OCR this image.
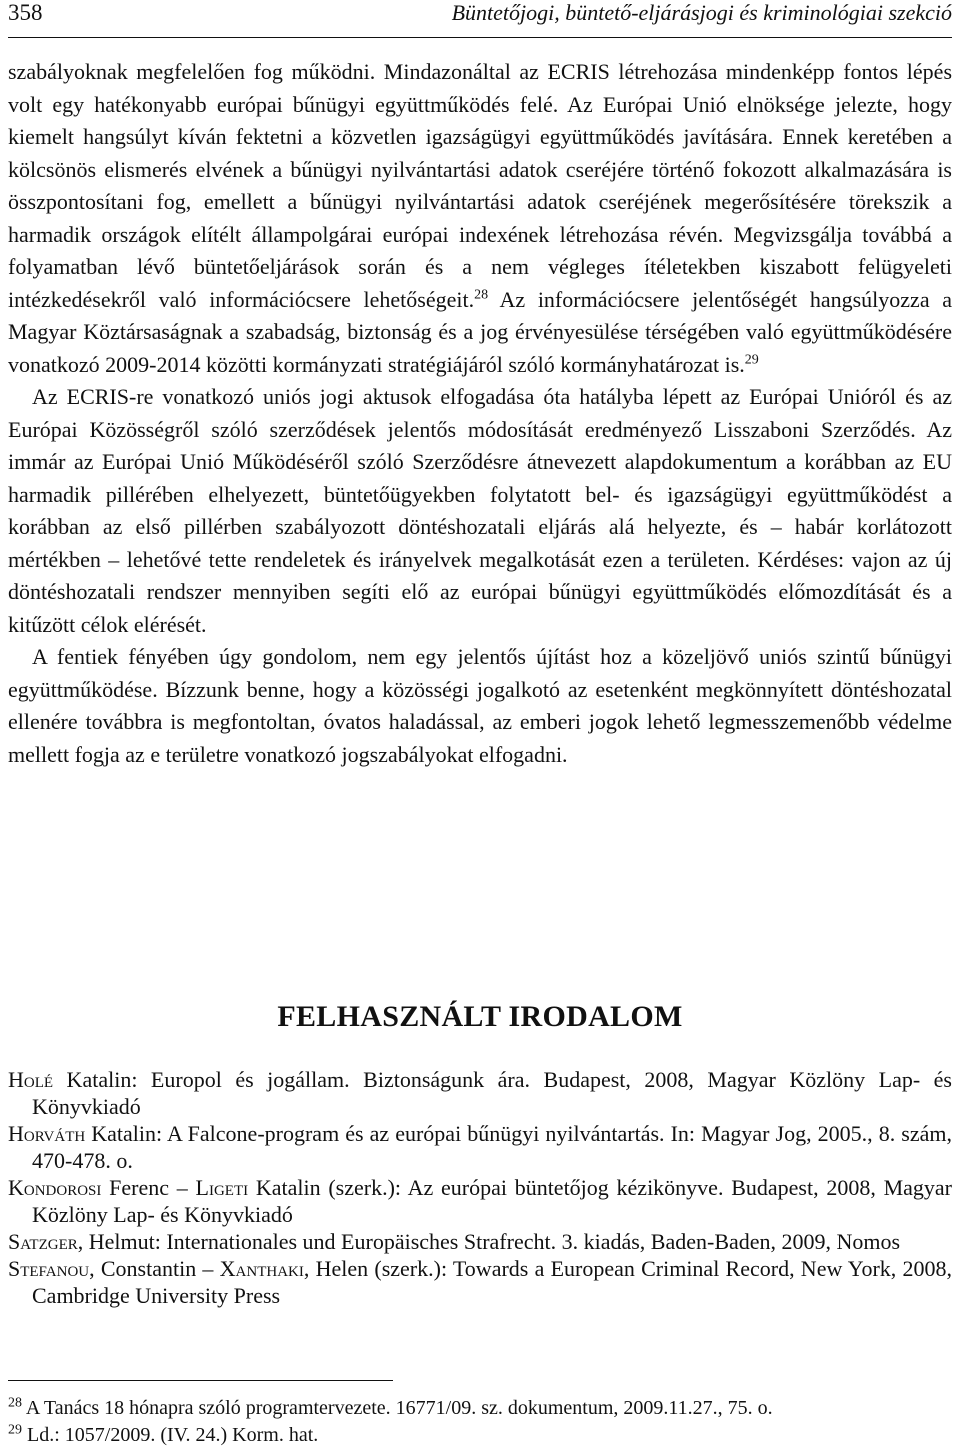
358	Büntetőjogi, büntető-eljárásjogi és kriminológiai szekció

szabályoknak megfelelően fog működni. Mindazonáltal az ECRIS létrehozása mindenképp fontos lépés volt egy hatékonyabb európai bűnügyi együttműködés felé. Az Európai Unió elnöksége jelezte, hogy kiemelt hangsúlyt kíván fektetni a közvetlen igazságügyi együttműködés javítására. Ennek keretében a kölcsönös elismerés elvének a bűnügyi nyilvántartási adatok cseréjére történő fokozott alkalmazására is összpontosítani fog, emellett a bűnügyi nyilvántartási adatok cseréjének megerősítésére törekszik a harmadik országok elítélt állampolgárai európai indexének létrehozása révén. Megvizsgálja továbbá a folyamatban lévő büntetőeljárások során és a nem végleges ítéletekben kiszabott felügyeleti intézkedésekről való információcsere lehetőségeit.$^{28}$ Az információcsere jelentőségét hangsúlyozza a Magyar Köztársaságnak a szabadság, biztonság és a jog érvényesülése térségében való együttműködésére vonatkozó 2009-2014 közötti kormányzati stratégiájáról szóló kormányhatározat is.$^{29}$

Az ECRIS-re vonatkozó uniós jogi aktusok elfogadása óta hatályba lépett az Európai Unióról és az Európai Közösségről szóló szerződések jelentős módosítását eredményező Lisszaboni Szerződés. Az immár az Európai Unió Működéséről szóló Szerződésre átnevezett alapdokumentum a korábban az EU harmadik pillérében elhelyezett, büntetőügyekben folytatott bel- és igazságügyi együttműködést a korábban az első pillérben szabályozott döntéshozatali eljárás alá helyezte, és – habár korlátozott mértékben – lehetővé tette rendeletek és irányelvek megalkotását ezen a területen. Kérdéses: vajon az új döntéshozatali rendszer mennyiben segíti elő az európai bűnügyi együttműködés előmozdítását és a kitűzött célok elérését.

A fentiek fényében úgy gondolom, nem egy jelentős újítást hoz a közeljövő uniós szintű bűnügyi együttműködése. Bízzunk benne, hogy a közösségi jogalkotó az esetenként megkönnyített döntéshozatal ellenére továbbra is megfontoltan, óvatos haladással, az emberi jogok lehető legmesszemenőbb védelme mellett fogja az e területre vonatkozó jogszabályokat elfogadni.

FELHASZNÁLT IRODALOM

Holé Katalin: Europol és jogállam. Biztonságunk ára. Budapest, 2008, Magyar Közlöny Lap- és Könyvkiadó

Horváth Katalin: A Falcone-program és az európai bűnügyi nyilvántartás. In: Magyar Jog, 2005., 8. szám, 470-478. o.

Kondorosi Ferenc – Ligeti Katalin (szerk.): Az európai büntetőjog kézikönyve. Budapest, 2008, Magyar Közlöny Lap- és Könyvkiadó

Satzger, Helmut: Internationales und Europäisches Strafrecht. 3. kiadás, Baden-Baden, 2009, Nomos

Stefanou, Constantin – Xanthaki, Helen (szerk.): Towards a European Criminal Record, New York, 2008, Cambridge University Press

$^{28}$ A Tanács 18 hónapra szóló programtervezete. 16771/09. sz. dokumentum, 2009.11.27., 75. o.

$^{29}$ Ld.: 1057/2009. (IV. 24.) Korm. hat.
